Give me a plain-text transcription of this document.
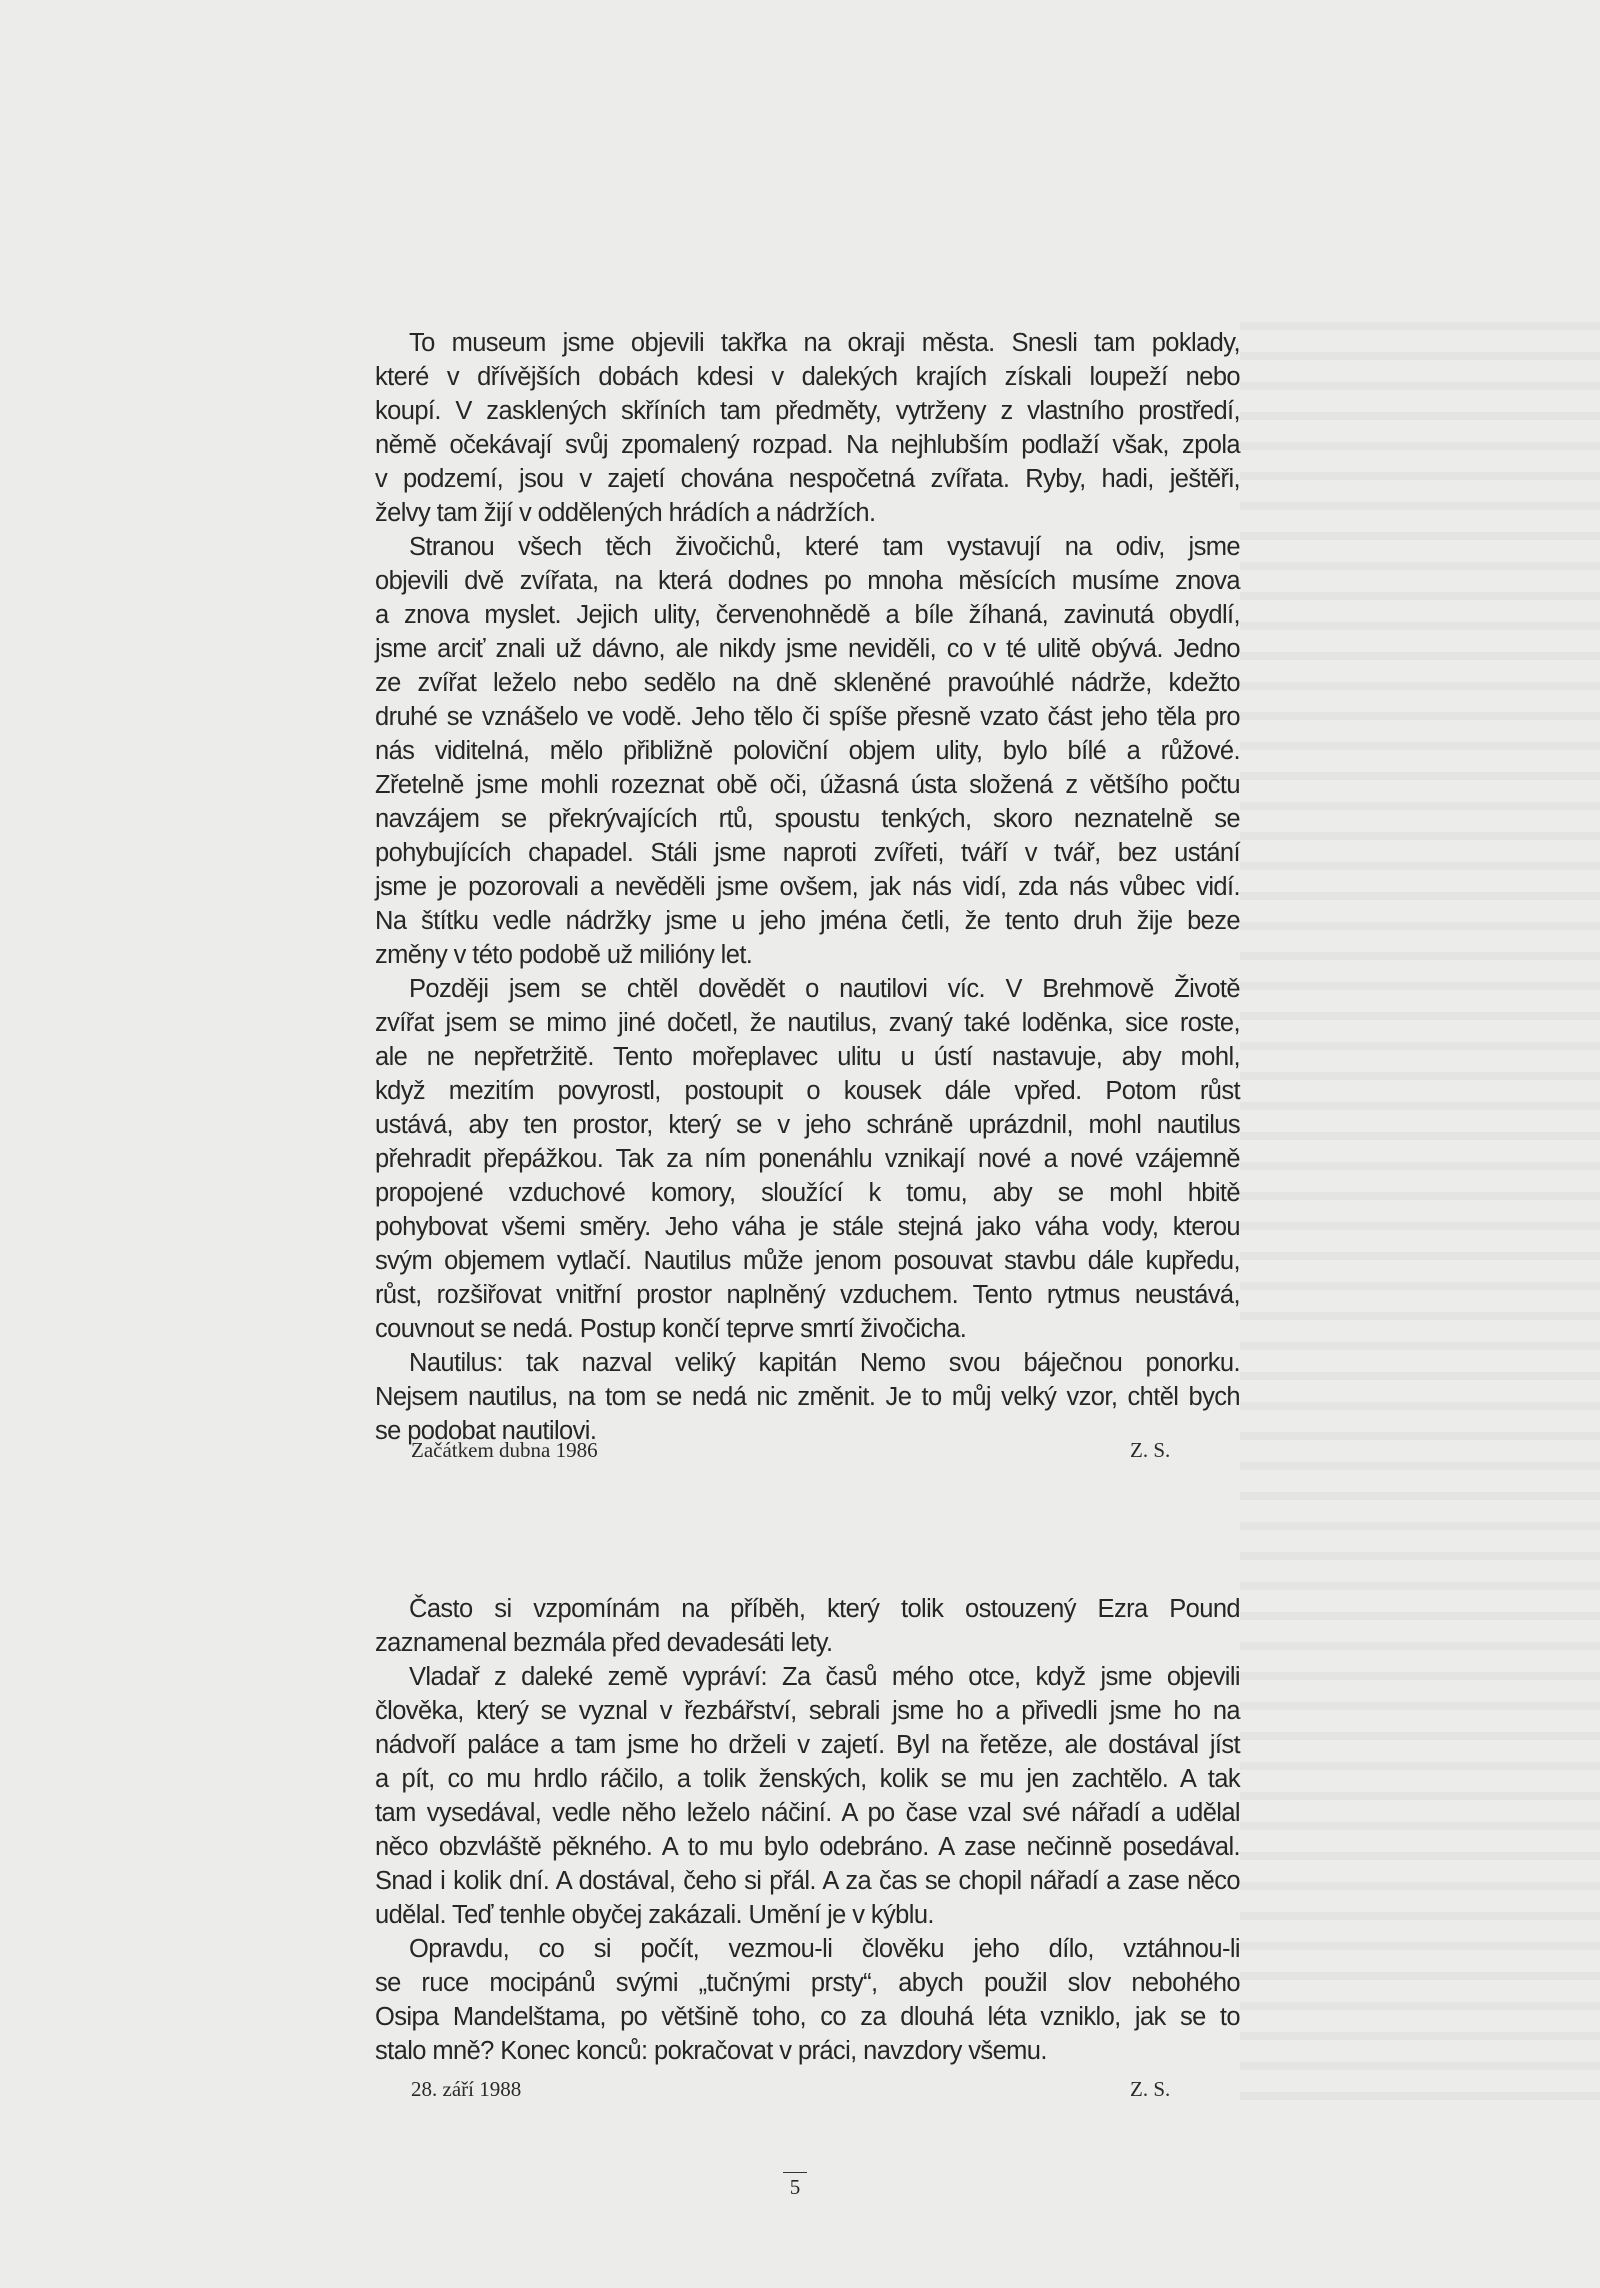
To museum jsme objevili takřka na okraji města. Snesli tam poklady,
které v dřívějších dobách kdesi v dalekých krajích získali loupeží nebo
koupí. V zasklených skříních tam předměty, vytrženy z vlastního prostředí,
němě očekávají svůj zpomalený rozpad. Na nejhlubším podlaží však, zpola
v podzemí, jsou v zajetí chována nespočetná zvířata. Ryby, hadi, ještěři,
želvy tam žijí v oddělených hrádích a nádržích.
Stranou všech těch živočichů, které tam vystavují na odiv, jsme
objevili dvě zvířata, na která dodnes po mnoha měsících musíme znova
a znova myslet. Jejich ulity, červenohnědě a bíle žíhaná, zavinutá obydlí,
jsme arciť znali už dávno, ale nikdy jsme neviděli, co v té ulitě obývá. Jedno
ze zvířat leželo nebo sedělo na dně skleněné pravoúhlé nádrže, kdežto
druhé se vznášelo ve vodě. Jeho tělo či spíše přesně vzato část jeho těla pro
nás viditelná, mělo přibližně poloviční objem ulity, bylo bílé a růžové.
Zřetelně jsme mohli rozeznat obě oči, úžasná ústa složená z většího počtu
navzájem se překrývajících rtů, spoustu tenkých, skoro neznatelně se
pohybujících chapadel. Stáli jsme naproti zvířeti, tváří v tvář, bez ustání
jsme je pozorovali a nevěděli jsme ovšem, jak nás vidí, zda nás vůbec vidí.
Na štítku vedle nádržky jsme u jeho jména četli, že tento druh žije beze
změny v této podobě už milióny let.
Později jsem se chtěl dovědět o nautilovi víc. V Brehmově Životě
zvířat jsem se mimo jiné dočetl, že nautilus, zvaný také loděnka, sice roste,
ale ne nepřetržitě. Tento mořeplavec ulitu u ústí nastavuje, aby mohl,
když mezitím povyrostl, postoupit o kousek dále vpřed. Potom růst
ustává, aby ten prostor, který se v jeho schráně uprázdnil, mohl nautilus
přehradit přepážkou. Tak za ním ponenáhlu vznikají nové a nové vzájemně
propojené vzduchové komory, sloužící k tomu, aby se mohl hbitě
pohybovat všemi směry. Jeho váha je stále stejná jako váha vody, kterou
svým objemem vytlačí. Nautilus může jenom posouvat stavbu dále kupředu,
růst, rozšiřovat vnitřní prostor naplněný vzduchem. Tento rytmus neustává,
couvnout se nedá. Postup končí teprve smrtí živočicha.
Nautilus: tak nazval veliký kapitán Nemo svou báječnou ponorku.
Nejsem nautilus, na tom se nedá nic změnit. Je to můj velký vzor, chtěl bych
se podobat nautilovi.
Začátkem dubna 1986	Z. S.
Často si vzpomínám na příběh, který tolik ostouzený Ezra Pound
zaznamenal bezmála před devadesáti lety.
Vladař z daleké země vypráví: Za časů mého otce, když jsme objevili
člověka, který se vyznal v řezbářství, sebrali jsme ho a přivedli jsme ho na
nádvoří paláce a tam jsme ho drželi v zajetí. Byl na řetěze, ale dostával jíst
a pít, co mu hrdlo ráčilo, a tolik ženských, kolik se mu jen zachtělo. A tak
tam vysedával, vedle něho leželo náčiní. A po čase vzal své nářadí a udělal
něco obzvláště pěkného. A to mu bylo odebráno. A zase nečinně posedával.
Snad i kolik dní. A dostával, čeho si přál. A za čas se chopil nářadí a zase něco
udělal. Teď tenhle obyčej zakázali. Umění je v kýblu.
Opravdu, co si počít, vezmou-li člověku jeho dílo, vztáhnou-li
se ruce mocipánů svými „tučnými prsty“, abych použil slov nebohého
Osipa Mandelštama, po většině toho, co za dlouhá léta vzniklo, jak se to
stalo mně? Konec konců: pokračovat v práci, navzdory všemu.
28. září 1988	Z. S.
5
